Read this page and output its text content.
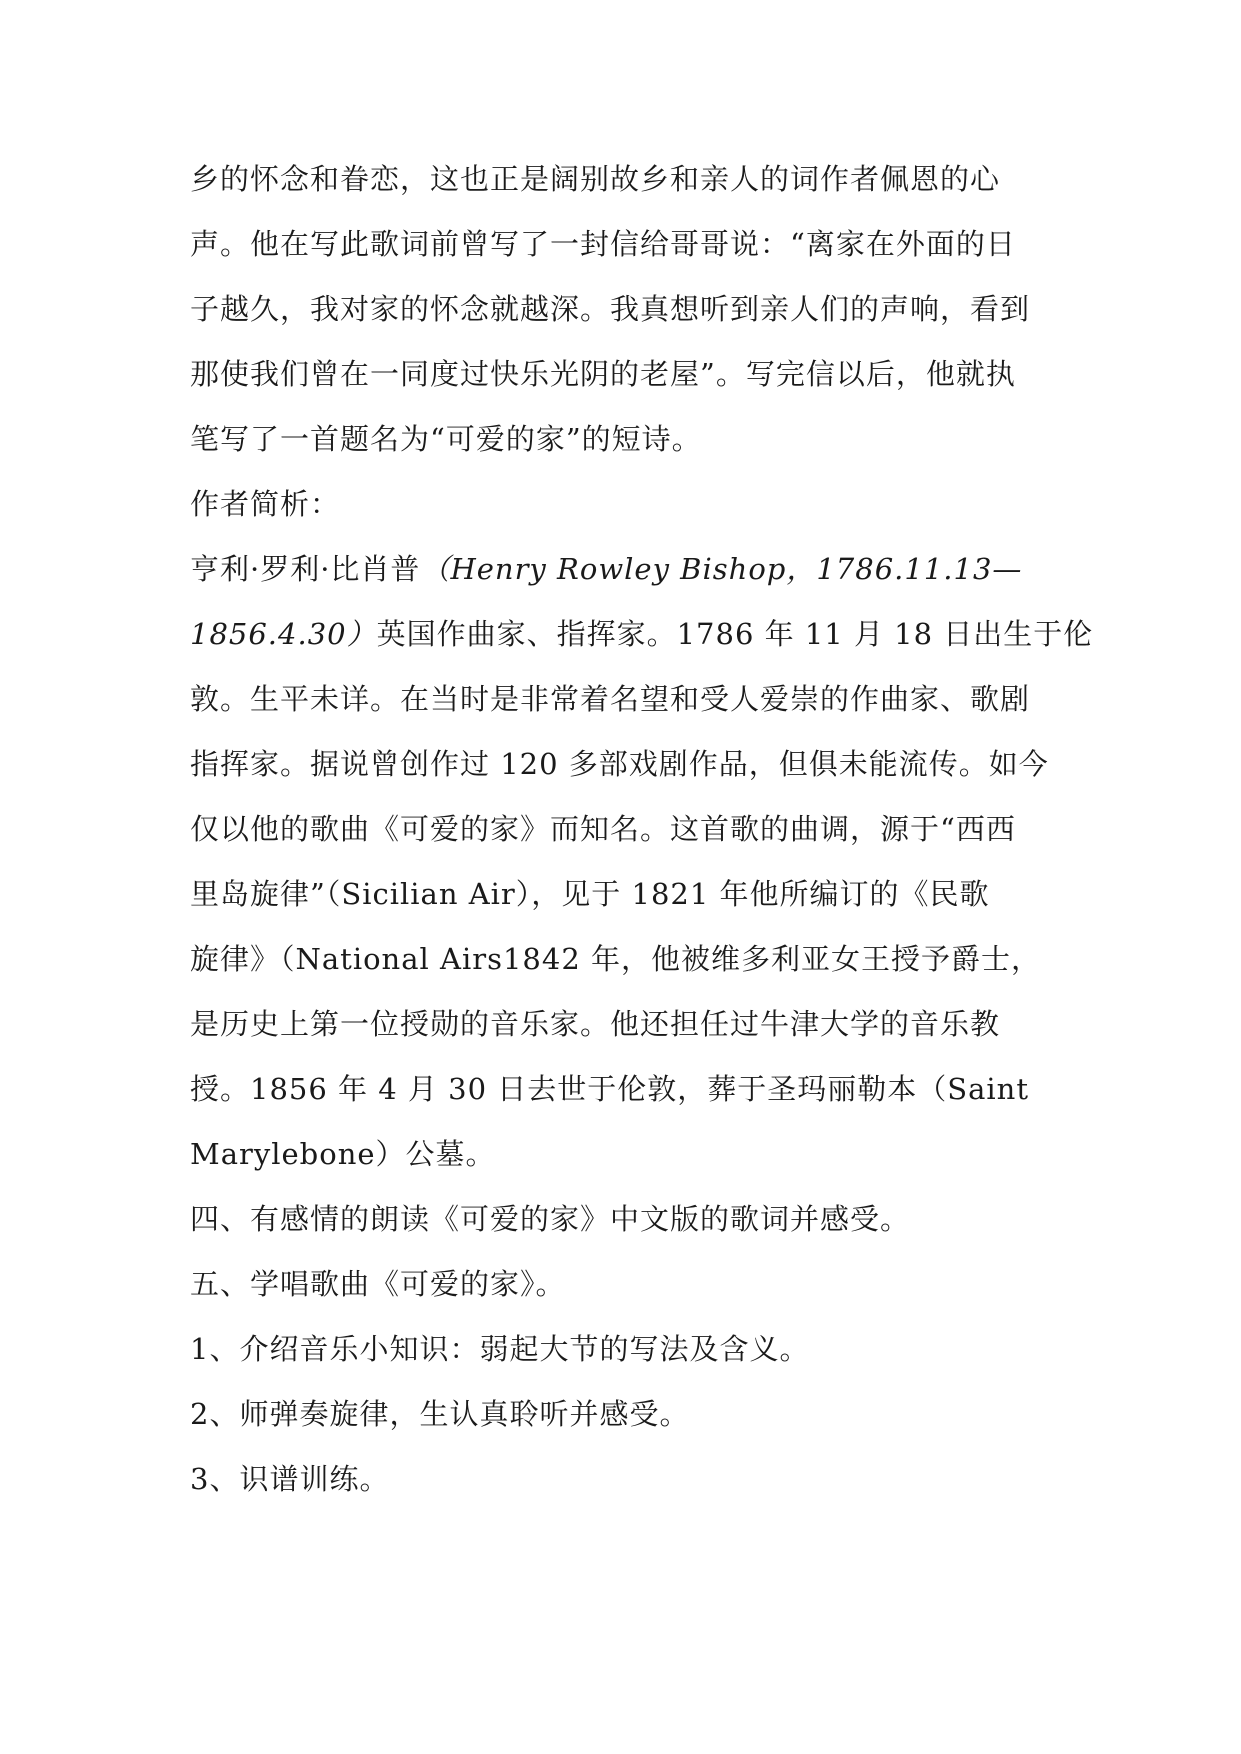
乡的怀念和眷恋，这也正是阔别故乡和亲人的词作者佩恩的心
声。他在写此歌词前曾写了一封信给哥哥说：“离家在外面的日
子越久，我对家的怀念就越深。我真想听到亲人们的声响，看到
那使我们曾在一同度过快乐光阴的老屋”。写完信以后，他就执
笔写了一首题名为“可爱的家”的短诗。
作者简析：
亨利·罗利·比肖普（Henry Rowley Bishop，1786.11.13—
1856.4.30）英国作曲家、指挥家。1786 年 11 月 18 日出生于伦
敦。生平未详。在当时是非常着名望和受人爱崇的作曲家、歌剧
指挥家。据说曾创作过 120 多部戏剧作品，但俱未能流传。如今
仅以他的歌曲《可爱的家》而知名。这首歌的曲调，源于“西西
里岛旋律”（Sicilian Air），见于 1821 年他所编订的《民歌
旋律》（National Airs1842 年，他被维多利亚女王授予爵士，
是历史上第一位授勋的音乐家。他还担任过牛津大学的音乐教
授。1856 年 4 月 30 日去世于伦敦，葬于圣玛丽勒本（Saint
Marylebone）公墓。
四、有感情的朗读《可爱的家》中文版的歌词并感受。
五、学唱歌曲《可爱的家》。
1、介绍音乐小知识：弱起大节的写法及含义。
2、师弹奏旋律，生认真聆听并感受。
3、识谱训练。
